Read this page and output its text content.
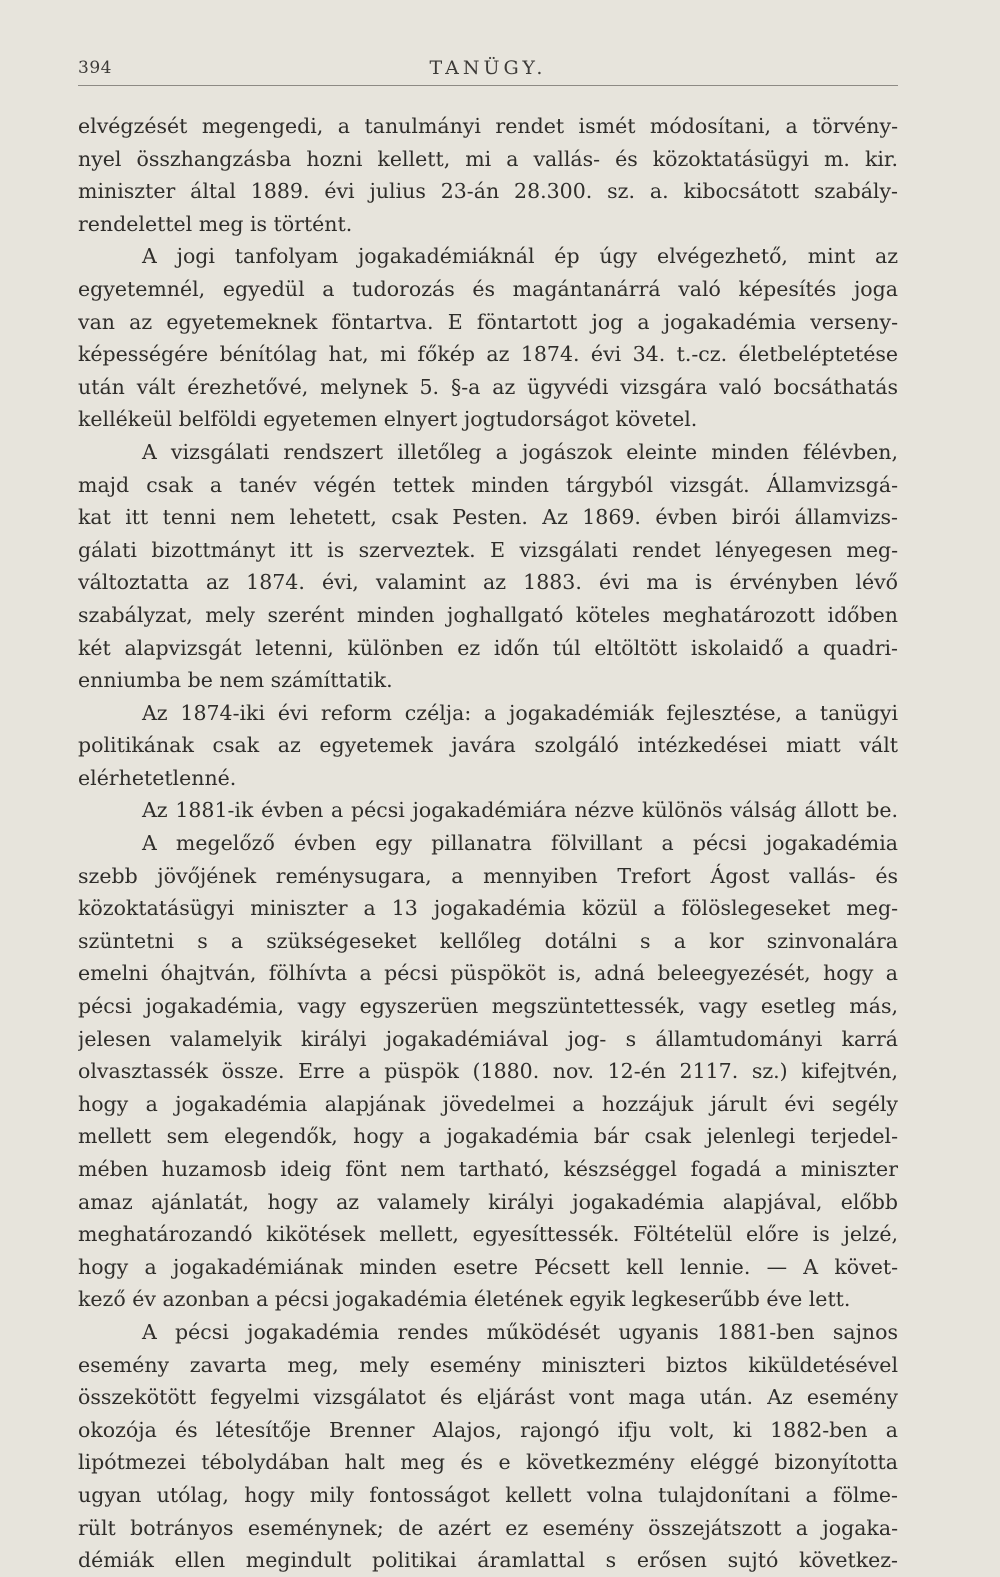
394	TANÜGY.
elvégzését megengedi, a tanulmányi rendet ismét módosítani, a törvény-
nyel összhangzásba hozni kellett, mi a vallás- és közoktatásügyi m. kir.
miniszter által 1889. évi julius 23-án 28.300. sz. a. kibocsátott szabály-
rendelettel meg is történt.
A jogi tanfolyam jogakadémiáknál ép úgy elvégezhető, mint az
egyetemnél, egyedül a tudorozás és magántanárrá való képesítés joga
van az egyetemeknek föntartva. E föntartott jog a jogakadémia verseny-
képességére bénítólag hat, mi főkép az 1874. évi 34. t.-cz. életbeléptetése
után vált érezhetővé, melynek 5. §-a az ügyvédi vizsgára való bocsáthatás
kellékeül belföldi egyetemen elnyert jogtudorságot követel.
A vizsgálati rendszert illetőleg a jogászok eleinte minden félévben,
majd csak a tanév végén tettek minden tárgyból vizsgát. Államvizsgá-
kat itt tenni nem lehetett, csak Pesten. Az 1869. évben birói államvizs-
gálati bizottmányt itt is szerveztek. E vizsgálati rendet lényegesen meg-
változtatta az 1874. évi, valamint az 1883. évi ma is érvényben lévő
szabályzat, mely szerént minden joghallgató köteles meghatározott időben
két alapvizsgát letenni, különben ez időn túl eltöltött iskolaidő a quadri-
enniumba be nem számíttatik.
Az 1874-iki évi reform czélja: a jogakadémiák fejlesztése, a tanügyi
politikának csak az egyetemek javára szolgáló intézkedései miatt vált
elérhetetlenné.
Az 1881-ik évben a pécsi jogakadémiára nézve különös válság állott be.
A megelőző évben egy pillanatra fölvillant a pécsi jogakadémia
szebb jövőjének reménysugara, a mennyiben Trefort Ágost vallás- és
közoktatásügyi miniszter a 13 jogakadémia közül a fölöslegeseket meg-
szüntetni s a szükségeseket kellőleg dotálni s a kor szinvonalára
emelni óhajtván, fölhívta a pécsi püspököt is, adná beleegyezését, hogy a
pécsi jogakadémia, vagy egyszerüen megszüntettessék, vagy esetleg más,
jelesen valamelyik királyi jogakadémiával jog- s államtudományi karrá
olvasztassék össze. Erre a püspök (1880. nov. 12-én 2117. sz.) kifejtvén,
hogy a jogakadémia alapjának jövedelmei a hozzájuk járult évi segély
mellett sem elegendők, hogy a jogakadémia bár csak jelenlegi terjedel-
mében huzamosb ideig fönt nem tartható, készséggel fogadá a miniszter
amaz ajánlatát, hogy az valamely királyi jogakadémia alapjával, előbb
meghatározandó kikötések mellett, egyesíttessék. Föltételül előre is jelzé,
hogy a jogakadémiának minden esetre Pécsett kell lennie. — A követ-
kező év azonban a pécsi jogakadémia életének egyik legkeserűbb éve lett.
A pécsi jogakadémia rendes működését ugyanis 1881-ben sajnos
esemény zavarta meg, mely esemény miniszteri biztos kiküldetésével
összekötött fegyelmi vizsgálatot és eljárást vont maga után. Az esemény
okozója és létesítője Brenner Alajos, rajongó ifju volt, ki 1882-ben a
lipótmezei tébolydában halt meg és e következmény eléggé bizonyította
ugyan utólag, hogy mily fontosságot kellett volna tulajdonítani a fölme-
rült botrányos eseménynek; de azért ez esemény összejátszott a jogaka-
démiák ellen megindult politikai áramlattal s erősen sujtó következ-
